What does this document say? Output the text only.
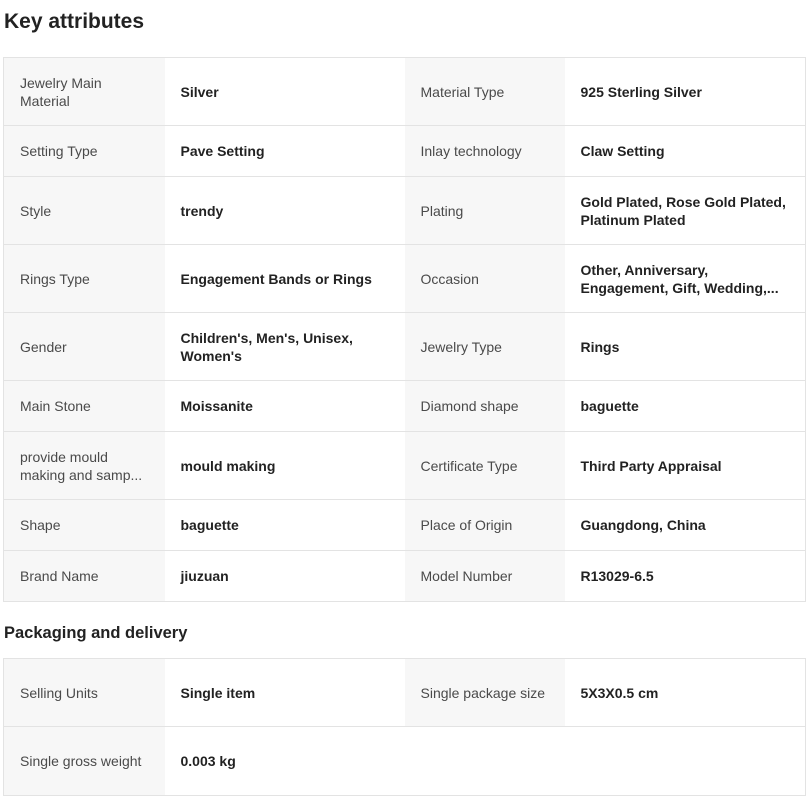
Key attributes
Jewelry Main Material	Silver	Material Type	925 Sterling Silver
Setting Type	Pave Setting	Inlay technology	Claw Setting
Style	trendy	Plating	Gold Plated, Rose Gold Plated, Platinum Plated
Rings Type	Engagement Bands or Rings	Occasion	Other, Anniversary, Engagement, Gift, Wedding,...
Gender	Children's, Men's, Unisex, Women's	Jewelry Type	Rings
Main Stone	Moissanite	Diamond shape	baguette
provide mould making and samp...	mould making	Certificate Type	Third Party Appraisal
Shape	baguette	Place of Origin	Guangdong, China
Brand Name	jiuzuan	Model Number	R13029-6.5
Packaging and delivery
Selling Units	Single item	Single package size	5X3X0.5 cm
Single gross weight	0.003 kg		
